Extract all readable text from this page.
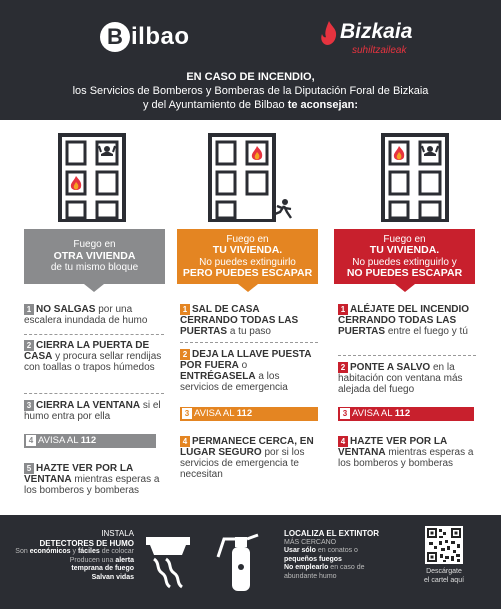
B ilbao	Bizkaia
suhiltzaileak
EN CASO DE INCENDIO,
los Servicios de Bomberos y Bomberas de la Diputación Foral de Bizkaia
y del Ayuntamiento de Bilbao te aconsejan:
Fuego en
OTRA VIVIENDA
de tu mismo bloque
Fuego en
TU VIVIENDA.
No puedes extinguirlo
PERO PUEDES ESCAPAR
Fuego en
TU VIVIENDA.
No puedes extinguirlo y
NO PUEDES ESCAPAR
1 NO SALGAS por una escalera inundada de humo
2 CIERRA LA PUERTA DE CASA y procura sellar rendijas con toallas o trapos húmedos
3 CIERRA LA VENTANA si el humo entra por ella
4 AVISA AL 112
5 HAZTE VER POR LA VENTANA mientras esperas a los bomberos y bomberas
1 SAL DE CASA CERRANDO TODAS LAS PUERTAS a tu paso
2 DEJA LA LLAVE PUESTA POR FUERA o ENTRÉGASELA a los servicios de emergencia
3 AVISA AL 112
4 PERMANECE CERCA, EN LUGAR SEGURO por si los servicios de emergencia te necesitan
1 ALÉJATE DEL INCENDIO CERRANDO TODAS LAS PUERTAS entre el fuego y tú
2 PONTE A SALVO en la habitación con ventana más alejada del fuego
3 AVISA AL 112
4 HAZTE VER POR LA VENTANA mientras esperas a los bomberos y bomberas
INSTALA
DETECTORES DE HUMO
Son económicos y fáciles de colocar
Producen una alerta
temprana de fuego
Salvan vidas
LOCALIZA EL EXTINTOR
MÁS CERCANO
Usar sólo en conatos o
pequeños fuegos
No emplearlo en caso de
abundante humo
Descárgate
el cartel aquí
